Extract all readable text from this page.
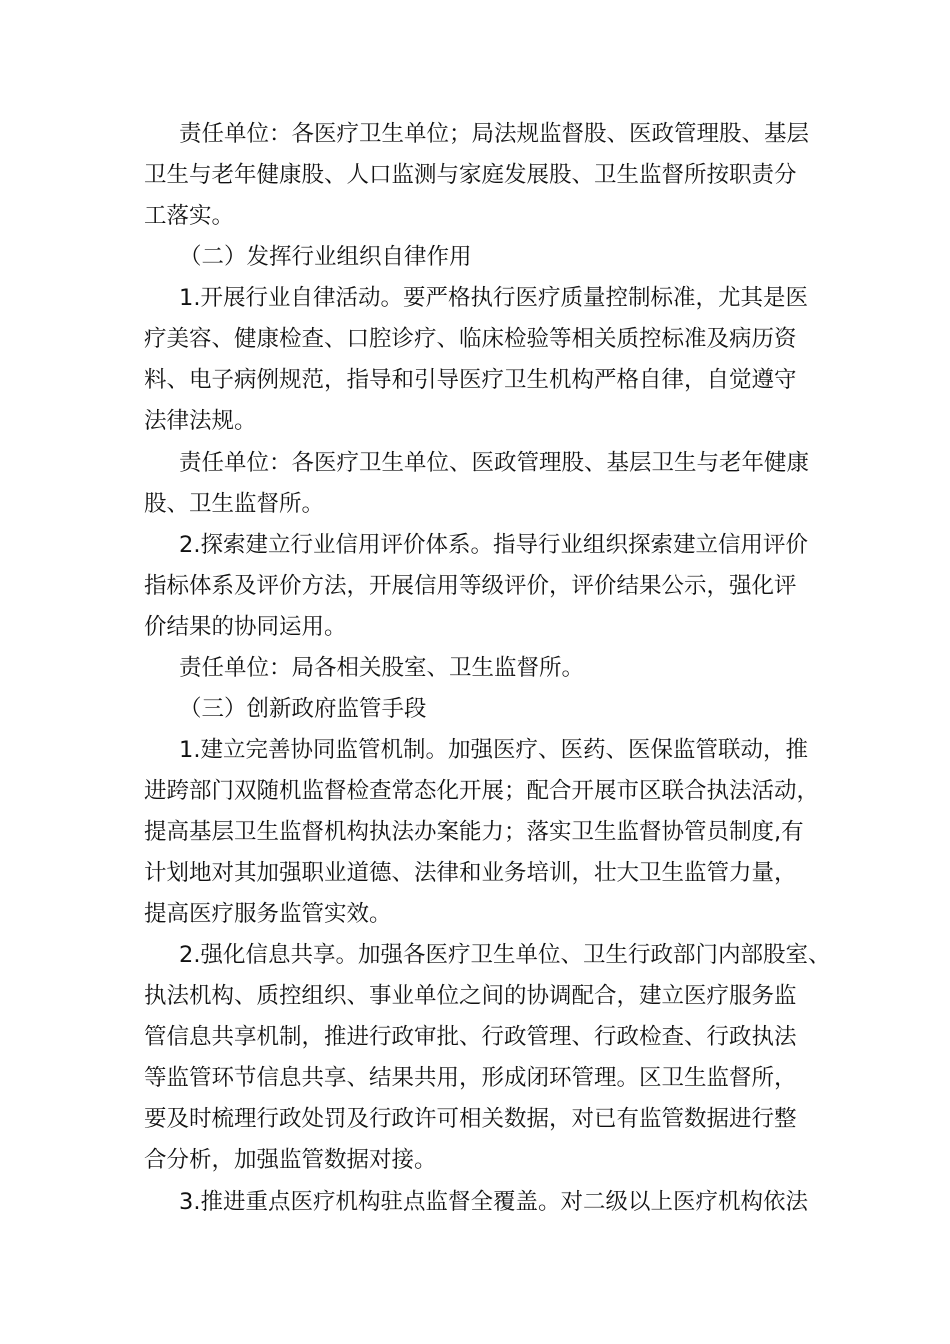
责任单位：各医疗卫生单位；局法规监督股、医政管理股、基层
卫生与老年健康股、人口监测与家庭发展股、卫生监督所按职责分
工落实。
（二）发挥行业组织自律作用
1.开展行业自律活动。要严格执行医疗质量控制标准，尤其是医
疗美容、健康检查、口腔诊疗、临床检验等相关质控标准及病历资
料、电子病例规范，指导和引导医疗卫生机构严格自律，自觉遵守
法律法规。
责任单位：各医疗卫生单位、医政管理股、基层卫生与老年健康
股、卫生监督所。
2.探索建立行业信用评价体系。指导行业组织探索建立信用评价
指标体系及评价方法，开展信用等级评价，评价结果公示，强化评
价结果的协同运用。
责任单位：局各相关股室、卫生监督所。
（三）创新政府监管手段
1.建立完善协同监管机制。加强医疗、医药、医保监管联动，推
进跨部门双随机监督检查常态化开展；配合开展市区联合执法活动，
提高基层卫生监督机构执法办案能力；落实卫生监督协管员制度,有
计划地对其加强职业道德、法律和业务培训，壮大卫生监管力量，
提高医疗服务监管实效。
2.强化信息共享。加强各医疗卫生单位、卫生行政部门内部股室、
执法机构、质控组织、事业单位之间的协调配合，建立医疗服务监
管信息共享机制，推进行政审批、行政管理、行政检查、行政执法
等监管环节信息共享、结果共用，形成闭环管理。区卫生监督所，
要及时梳理行政处罚及行政许可相关数据，对已有监管数据进行整
合分析，加强监管数据对接。
3.推进重点医疗机构驻点监督全覆盖。对二级以上医疗机构依法
